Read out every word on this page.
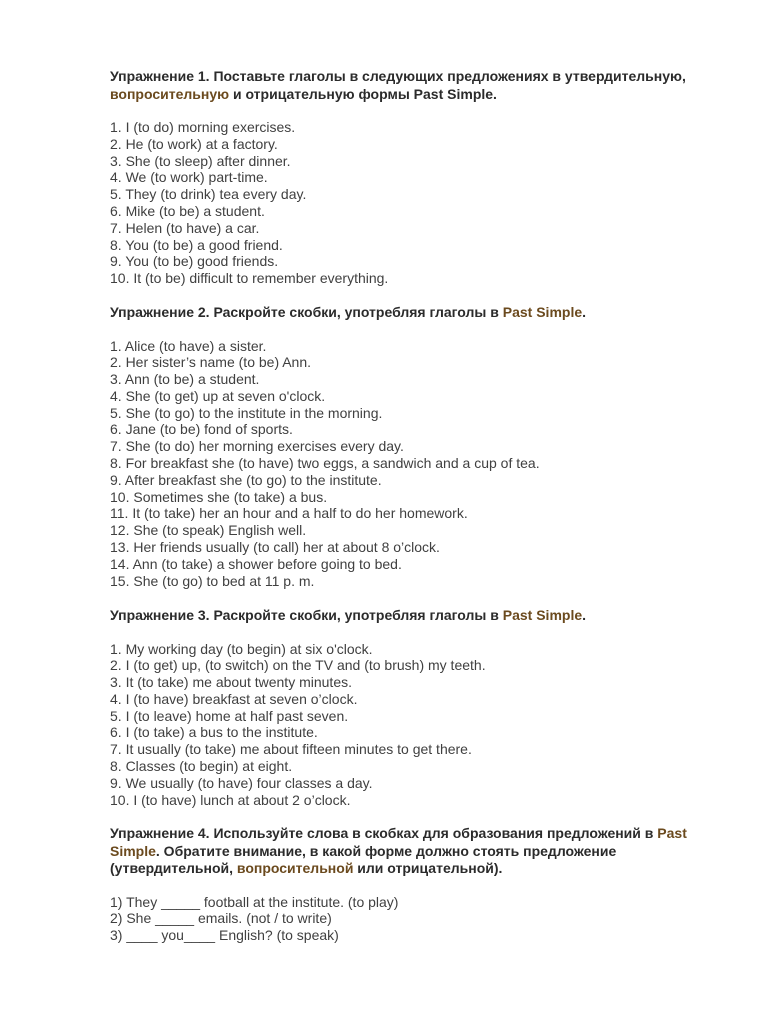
Упражнение 1. Поставьте глаголы в следующих предложениях в утвердительную, вопросительную и отрицательную формы Past Simple.

1. I (to do) morning exercises.
2. He (to work) at a factory.
3. She (to sleep) after dinner.
4. We (to work) part-time.
5. They (to drink) tea every day.
6. Mike (to be) a student.
7. Helen (to have) a car.
8. You (to be) a good friend.
9. You (to be) good friends.
10. It (to be) difficult to remember everything.

Упражнение 2. Раскройте скобки, употребляя глаголы в Past Simple.

1. Alice (to have) a sister.
2. Her sister’s name (to be) Ann.
3. Ann (to be) a student.
4. She (to get) up at seven o'clock.
5. She (to go) to the institute in the morning.
6. Jane (to be) fond of sports.
7. She (to do) her morning exercises every day.
8. For breakfast she (to have) two eggs, a sandwich and a cup of tea.
9. After breakfast she (to go) to the institute.
10. Sometimes she (to take) a bus.
11. It (to take) her an hour and a half to do her homework.
12. She (to speak) English well.
13. Her friends usually (to call) her at about 8 o’clock.
14. Ann (to take) a shower before going to bed.
15. She (to go) to bed at 11 p. m.

Упражнение 3. Раскройте скобки, употребляя глаголы в Past Simple.

1. My working day (to begin) at six o'clock.
2. I (to get) up, (to switch) on the TV and (to brush) my teeth.
3. It (to take) me about twenty minutes.
4. I (to have) breakfast at seven o’clock.
5. I (to leave) home at half past seven.
6. I (to take) a bus to the institute.
7. It usually (to take) me about fifteen minutes to get there.
8. Classes (to begin) at eight.
9. We usually (to have) four classes a day.
10. I (to have) lunch at about 2 o’clock.

Упражнение 4. Используйте слова в скобках для образования предложений в Past Simple. Обратите внимание, в какой форме должно стоять предложение (утвердительной, вопросительной или отрицательной).

1) They _____ football at the institute. (to play)
2) She _____ emails. (not / to write)
3) ____ you____ English? (to speak)
